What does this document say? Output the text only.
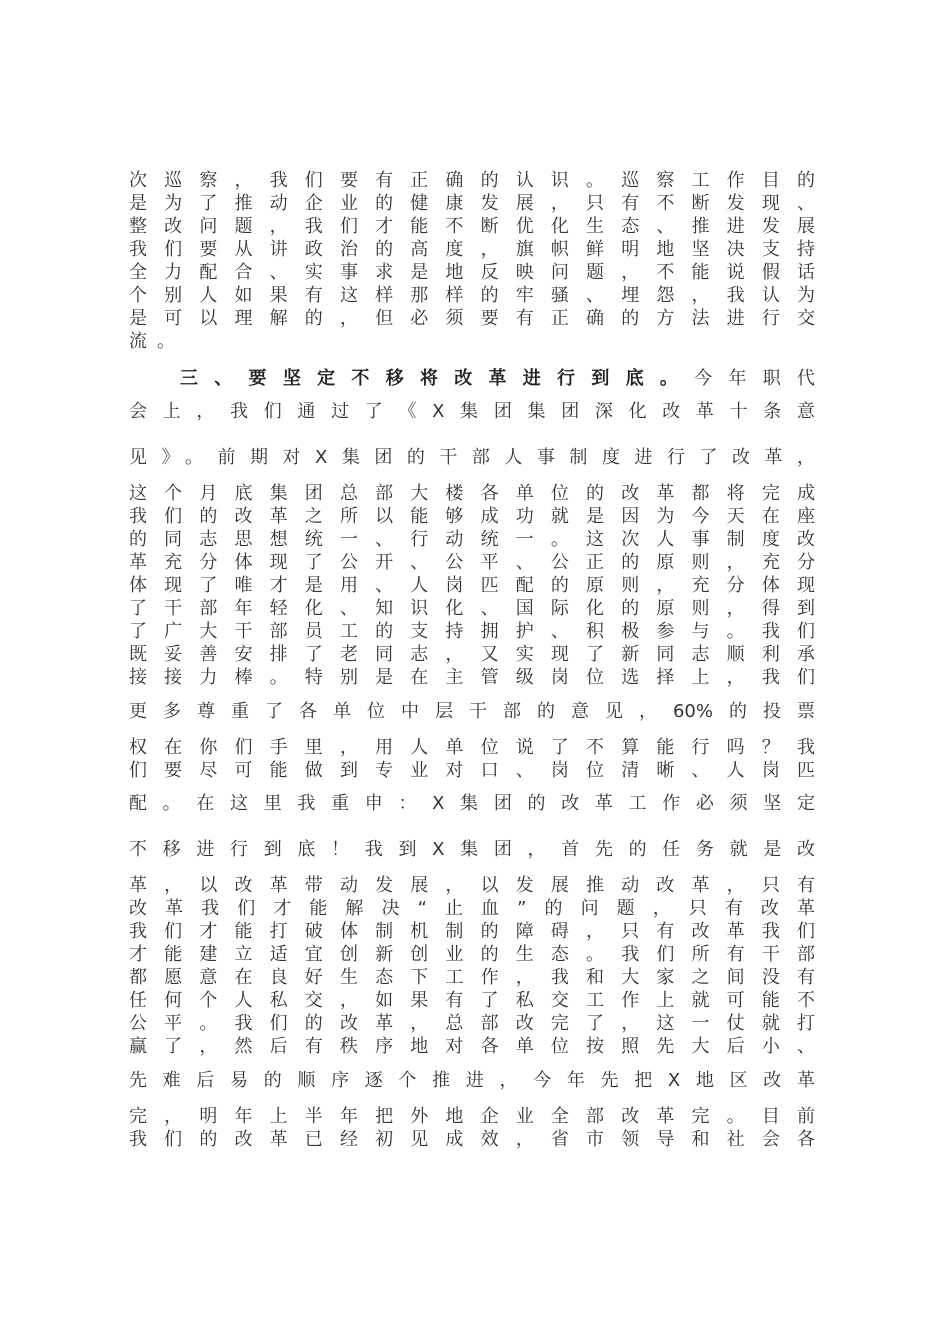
次巡察，我们要有正确的认识。巡察工作目的
是为了推动企业的健康发展，只有不断发现、
整改问题，我们才能不断优化生态、推进发展
我们要从讲政治的高度，旗帜鲜明地坚决支持
全力配合、实事求是地反映问题，不能说假话
个别人如果有这样那样的牢骚、埋怨，我认为
是可以理解的，但必须要有正确的方法进行交
流。
三、要坚定不移将改革进行到底。今年职代
会上，我们通过了《X集团集团深化改革十条意
见》。前期对X集团的干部人事制度进行了改革，
这个月底集团总部大楼各单位的改革都将完成
我们的改革之所以能够成功就是因为今天在座
的同志思想统一、行动统一。这次人事制度改
革充分体现了公开、公平、公正的原则，充分
体现了唯才是用、人岗匹配的原则，充分体现
了干部年轻化、知识化、国际化的原则，得到
了广大干部员工的支持拥护、积极参与。我们
既妥善安排了老同志，又实现了新同志顺利承
接接力棒。特别是在主管级岗位选择上，我们
更多尊重了各单位中层干部的意见，60%的投票
权在你们手里，用人单位说了不算能行吗？我
们要尽可能做到专业对口、岗位清晰、人岗匹
配。在这里我重申：X集团的改革工作必须坚定
不移进行到底！我到X集团，首先的任务就是改
革，以改革带动发展，以发展推动改革，只有
改革我们才能解决“止血”的问题，只有改革
我们才能打破体制机制的障碍，只有改革我们
才能建立适宜创新创业的生态。我们所有干部
都愿意在良好生态下工作，我和大家之间没有
任何个人私交，如果有了私交工作上就可能不
公平。我们的改革，总部改完了，这一仗就打
赢了，然后有秩序地对各单位按照先大后小、
先难后易的顺序逐个推进，今年先把X地区改革
完，明年上半年把外地企业全部改革完。目前
我们的改革已经初见成效，省市领导和社会各
